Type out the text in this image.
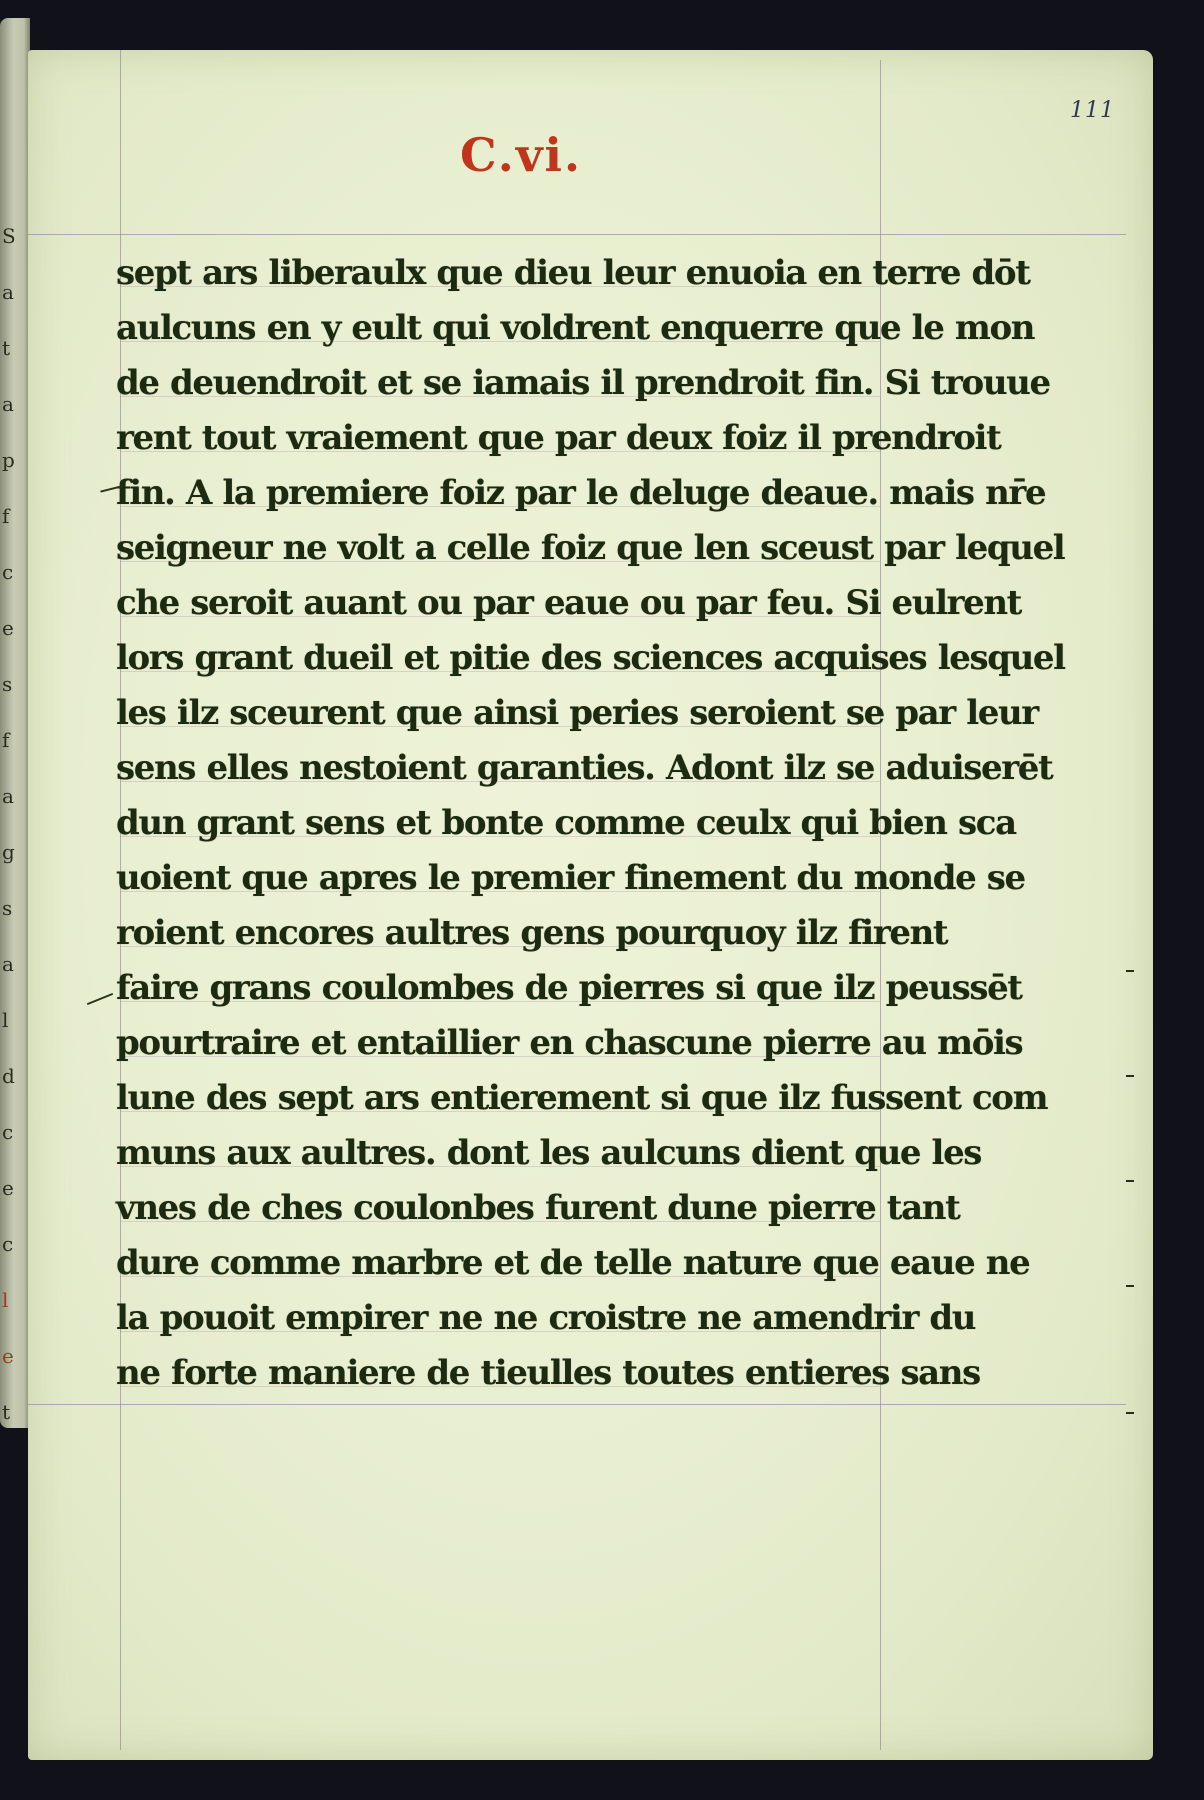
S
a
t
a
p
f
c
e
s
f
a
g
s
a
l
d
c
e
c
l
e
t
111
C.vi.
sept ars liberaulx que dieu leur enuoia en terre dōt
aulcuns en y eult qui voldrent enquerre que le mon
de deuendroit et se iamais il prendroit fin. Si trouue
rent tout vraiement que par deux foiz il prendroit
fin. A la premiere foiz par le deluge deaue. mais nr̄e
seigneur ne volt a celle foiz que len sceust par lequel
che seroit auant ou par eaue ou par feu. Si eulrent
lors grant dueil et pitie des sciences acquises lesquel
les ilz sceurent que ainsi peries seroient se par leur
sens elles nestoient garanties. Adont ilz se aduiserēt
dun grant sens et bonte comme ceulx qui bien sca
uoient que apres le premier finement du monde se
roient encores aultres gens pourquoy ilz firent
faire grans coulombes de pierres si que ilz peussēt
pourtraire et entaillier en chascune pierre au mōis
lune des sept ars entierement si que ilz fussent com
muns aux aultres. dont les aulcuns dient que les
vnes de ches coulonbes furent dune pierre tant
dure comme marbre et de telle nature que eaue ne
la pouoit empirer ne ne croistre ne amendrir du
ne forte maniere de tieulles toutes entieres sans
